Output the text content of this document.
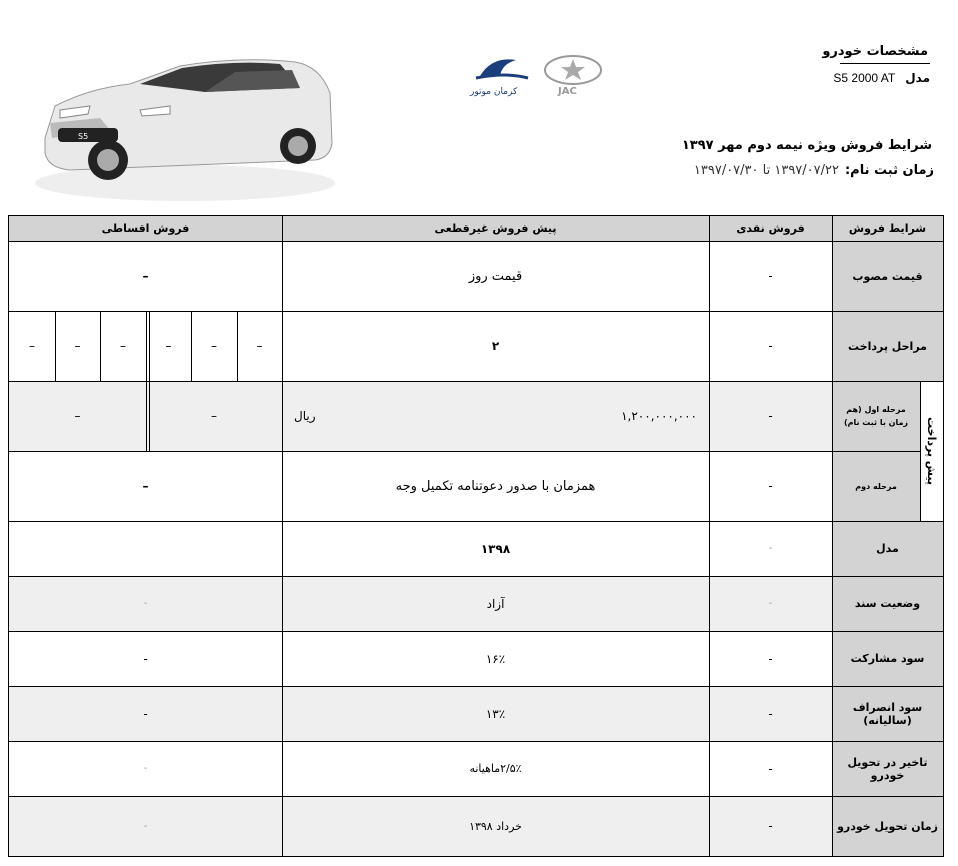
S5
کرمان موتور	JAC
مشخصات خودرو
مدل
S5 2000 AT
شرایط فروش ویژه نیمه دوم مهر ۱۳۹۷
زمان ثبت نام:
۱۳۹۷/۰۷/۲۲ تا ۱۳۹۷/۰۷/۳۰
شرایط فروش
فروش نقدی
پیش فروش غیرقطعی
فروش اقساطی
قیمت مصوب
مراحل پرداخت
مرحله اول (هم زمان با ثبت نام)
مرحله دوم
پیش پرداخت
مدل
وضعیت سند
سود مشارکت
سود انصراف (سالیانه)
تاخیر در تحویل خودرو
زمان تحویل خودرو
-
قیمت روز
–
-
۲
–
–
–
–
–
–
-
۱,۲۰۰,۰۰۰,۰۰۰
ریال
–
–
-
همزمان با صدور دعوتنامه تکمیل وجه
–
-
۱۳۹۸
-
آزاد
-
-
۱۶٪
-
-
۱۳٪
-
-
۲/۵٪ماهیانه
-
-
خرداد ۱۳۹۸
-
